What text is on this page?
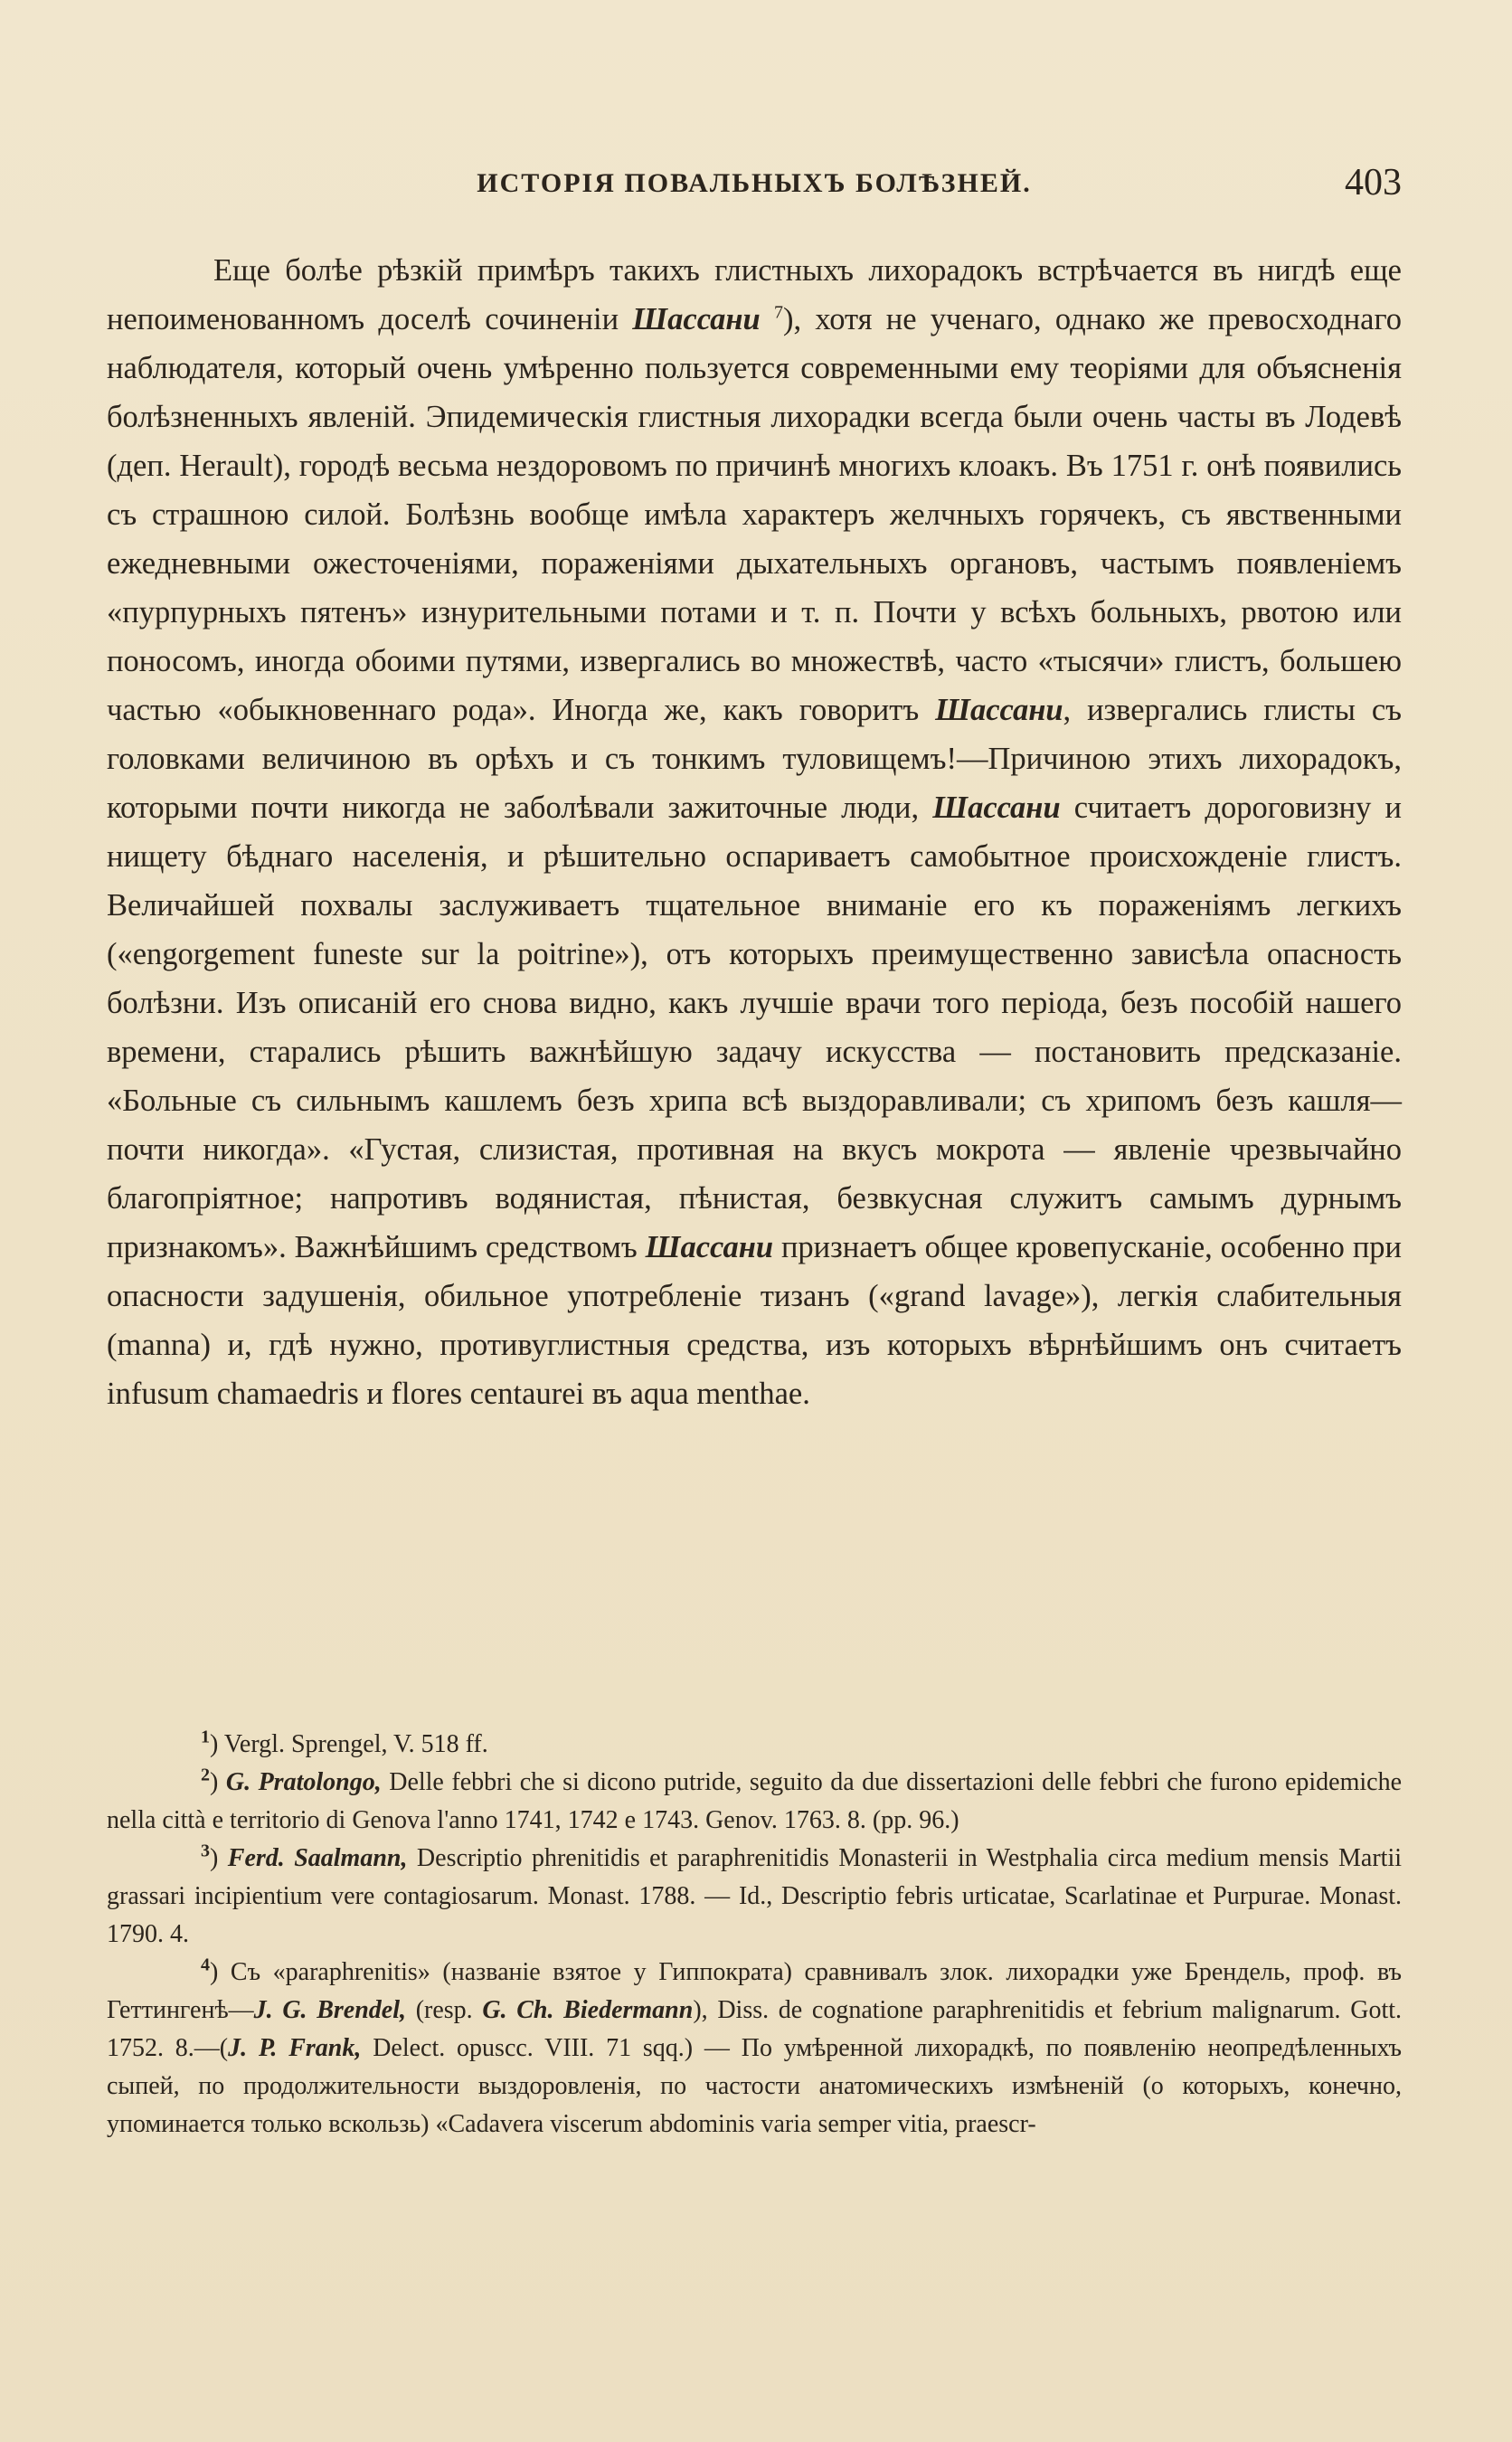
ИСТОРІЯ ПОВАЛЬНЫХЪ БОЛѢЗНЕЙ.	403

Еще болѣе рѣзкій примѣръ такихъ глистныхъ лихорадокъ встрѣчается въ нигдѣ еще непоименованномъ доселѣ сочиненіи Шассани $^7$), хотя не ученаго, однако же превосходнаго наблюдателя, который очень умѣренно пользуется современными ему теоріями для объясненія болѣзненныхъ явленій. Эпидемическія глистныя лихорадки всегда были очень часты въ Лодевѣ (деп. Herault), городѣ весьма нездоровомъ по причинѣ многихъ клоакъ. Въ 1751 г. онѣ появились съ страшною силой. Болѣзнь вообще имѣла характеръ желчныхъ горячекъ, съ явственными ежедневными ожесточеніями, пораженіями дыхательныхъ органовъ, частымъ появленіемъ «пурпурныхъ пятенъ» изнурительными потами и т. п. Почти у всѣхъ больныхъ, рвотою или поносомъ, иногда обоими путями, извергались во множествѣ, часто «тысячи» глистъ, большею частью «обыкновеннаго рода». Иногда же, какъ говоритъ Шассани, извергались глисты съ головками величиною въ орѣхъ и съ тонкимъ туловищемъ!—Причиною этихъ лихорадокъ, которыми почти никогда не заболѣвали зажиточные люди, Шассани считаетъ дороговизну и нищету бѣднаго населенія, и рѣшительно оспариваетъ самобытное происхожденіе глистъ. Величайшей похвалы заслуживаетъ тщательное вниманіе его къ пораженіямъ легкихъ («engorgement funeste sur la poitrine»), отъ которыхъ преимущественно зависѣла опасность болѣзни. Изъ описаній его снова видно, какъ лучшіе врачи того періода, безъ пособій нашего времени, старались рѣшить важнѣйшую задачу искусства — постановить предсказаніе. «Больные съ сильнымъ кашлемъ безъ хрипа всѣ выздоравливали; съ хрипомъ безъ кашля—почти никогда». «Густая, слизистая, противная на вкусъ мокрота — явленіе чрезвычайно благопріятное; напротивъ водянистая, пѣнистая, безвкусная служитъ самымъ дурнымъ признакомъ». Важнѣйшимъ средствомъ Шассани признаетъ общее кровепусканіе, особенно при опасности задушенія, обильное употребленіе тизанъ («grand lavage»), легкія слабительныя (manna) и, гдѣ нужно, противуглистныя средства, изъ которыхъ вѣрнѣйшимъ онъ считаетъ infusum chamaedris и flores centaurei въ aqua menthae.

$^1$) Vergl. Sprengel, V. 518 ff.

$^2$) G. Pratolongo, Delle febbri che si dicono putride, seguito da due dissertazioni delle febbri che furono epidemiche nella città e territorio di Genova l'anno 1741, 1742 e 1743. Genov. 1763. 8. (pp. 96.)

$^3$) Ferd. Saalmann, Descriptio phrenitidis et paraphrenitidis Monasterii in Westphalia circa medium mensis Martii grassari incipientium vere contagiosarum. Monast. 1788. — Id., Descriptio febris urticatae, Scarlatinae et Purpurae. Monast. 1790. 4.

$^4$) Съ «paraphrenitis» (названіе взятое у Гиппократа) сравнивалъ злок. лихорадки уже Брендель, проф. въ Геттингенѣ—J. G. Brendel, (resp. G. Ch. Biedermann), Diss. de cognatione paraphrenitidis et febrium malignarum. Gott. 1752. 8.—(J. P. Frank, Delect. opuscc. VIII. 71 sqq.) — По умѣренной лихорадкѣ, по появленію неопредѣленныхъ сыпей, по продолжительности выздоровленія, по частости анатомическихъ измѣненій (о которыхъ, конечно, упоминается только вскользь) «Cadavera viscerum abdominis varia semper vitia, praescr-
